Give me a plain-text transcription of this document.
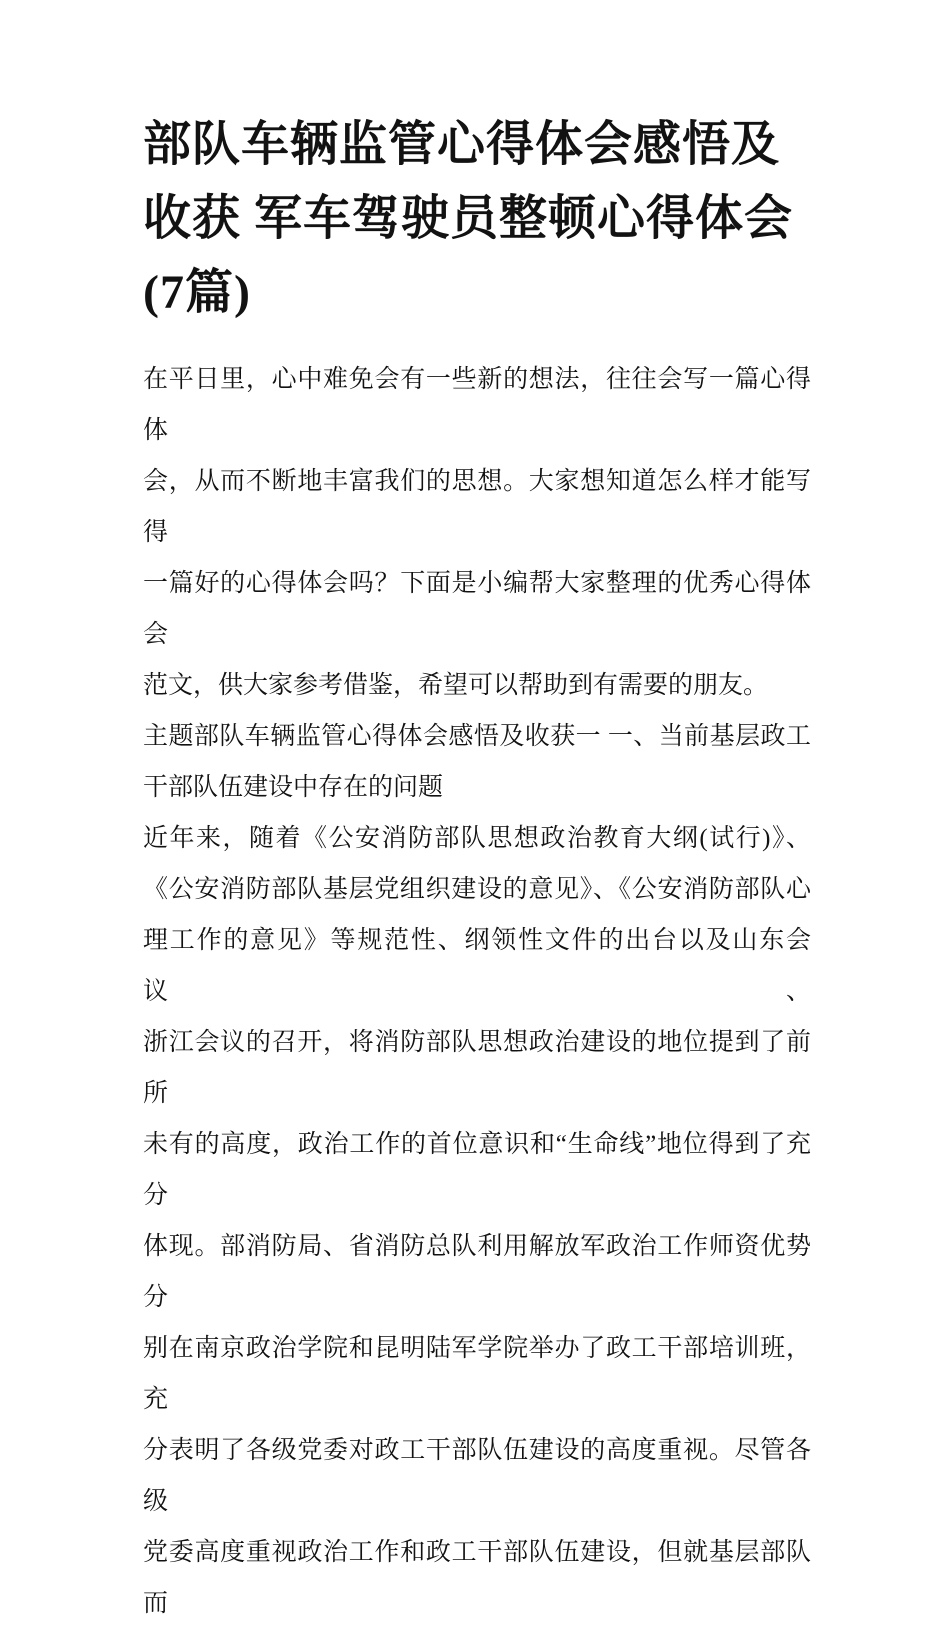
部队车辆监管心得体会感悟及
收获 军车驾驶员整顿心得体会
(7篇)
在平日里，心中难免会有一些新的想法，往往会写一篇心得体
会，从而不断地丰富我们的思想。大家想知道怎么样才能写得
一篇好的心得体会吗？下面是小编帮大家整理的优秀心得体会
范文，供大家参考借鉴，希望可以帮助到有需要的朋友。
主题部队车辆监管心得体会感悟及收获一 一、当前基层政工
干部队伍建设中存在的问题
近年来，随着《公安消防部队思想政治教育大纲(试行)》、
《公安消防部队基层党组织建设的意见》、《公安消防部队心
理工作的意见》等规范性、纲领性文件的出台以及山东会议、
浙江会议的召开，将消防部队思想政治建设的地位提到了前所
未有的高度，政治工作的首位意识和“生命线”地位得到了充分
体现。部消防局、省消防总队利用解放军政治工作师资优势分
别在南京政治学院和昆明陆军学院举办了政工干部培训班，充
分表明了各级党委对政工干部队伍建设的高度重视。尽管各级
党委高度重视政治工作和政工干部队伍建设，但就基层部队而
